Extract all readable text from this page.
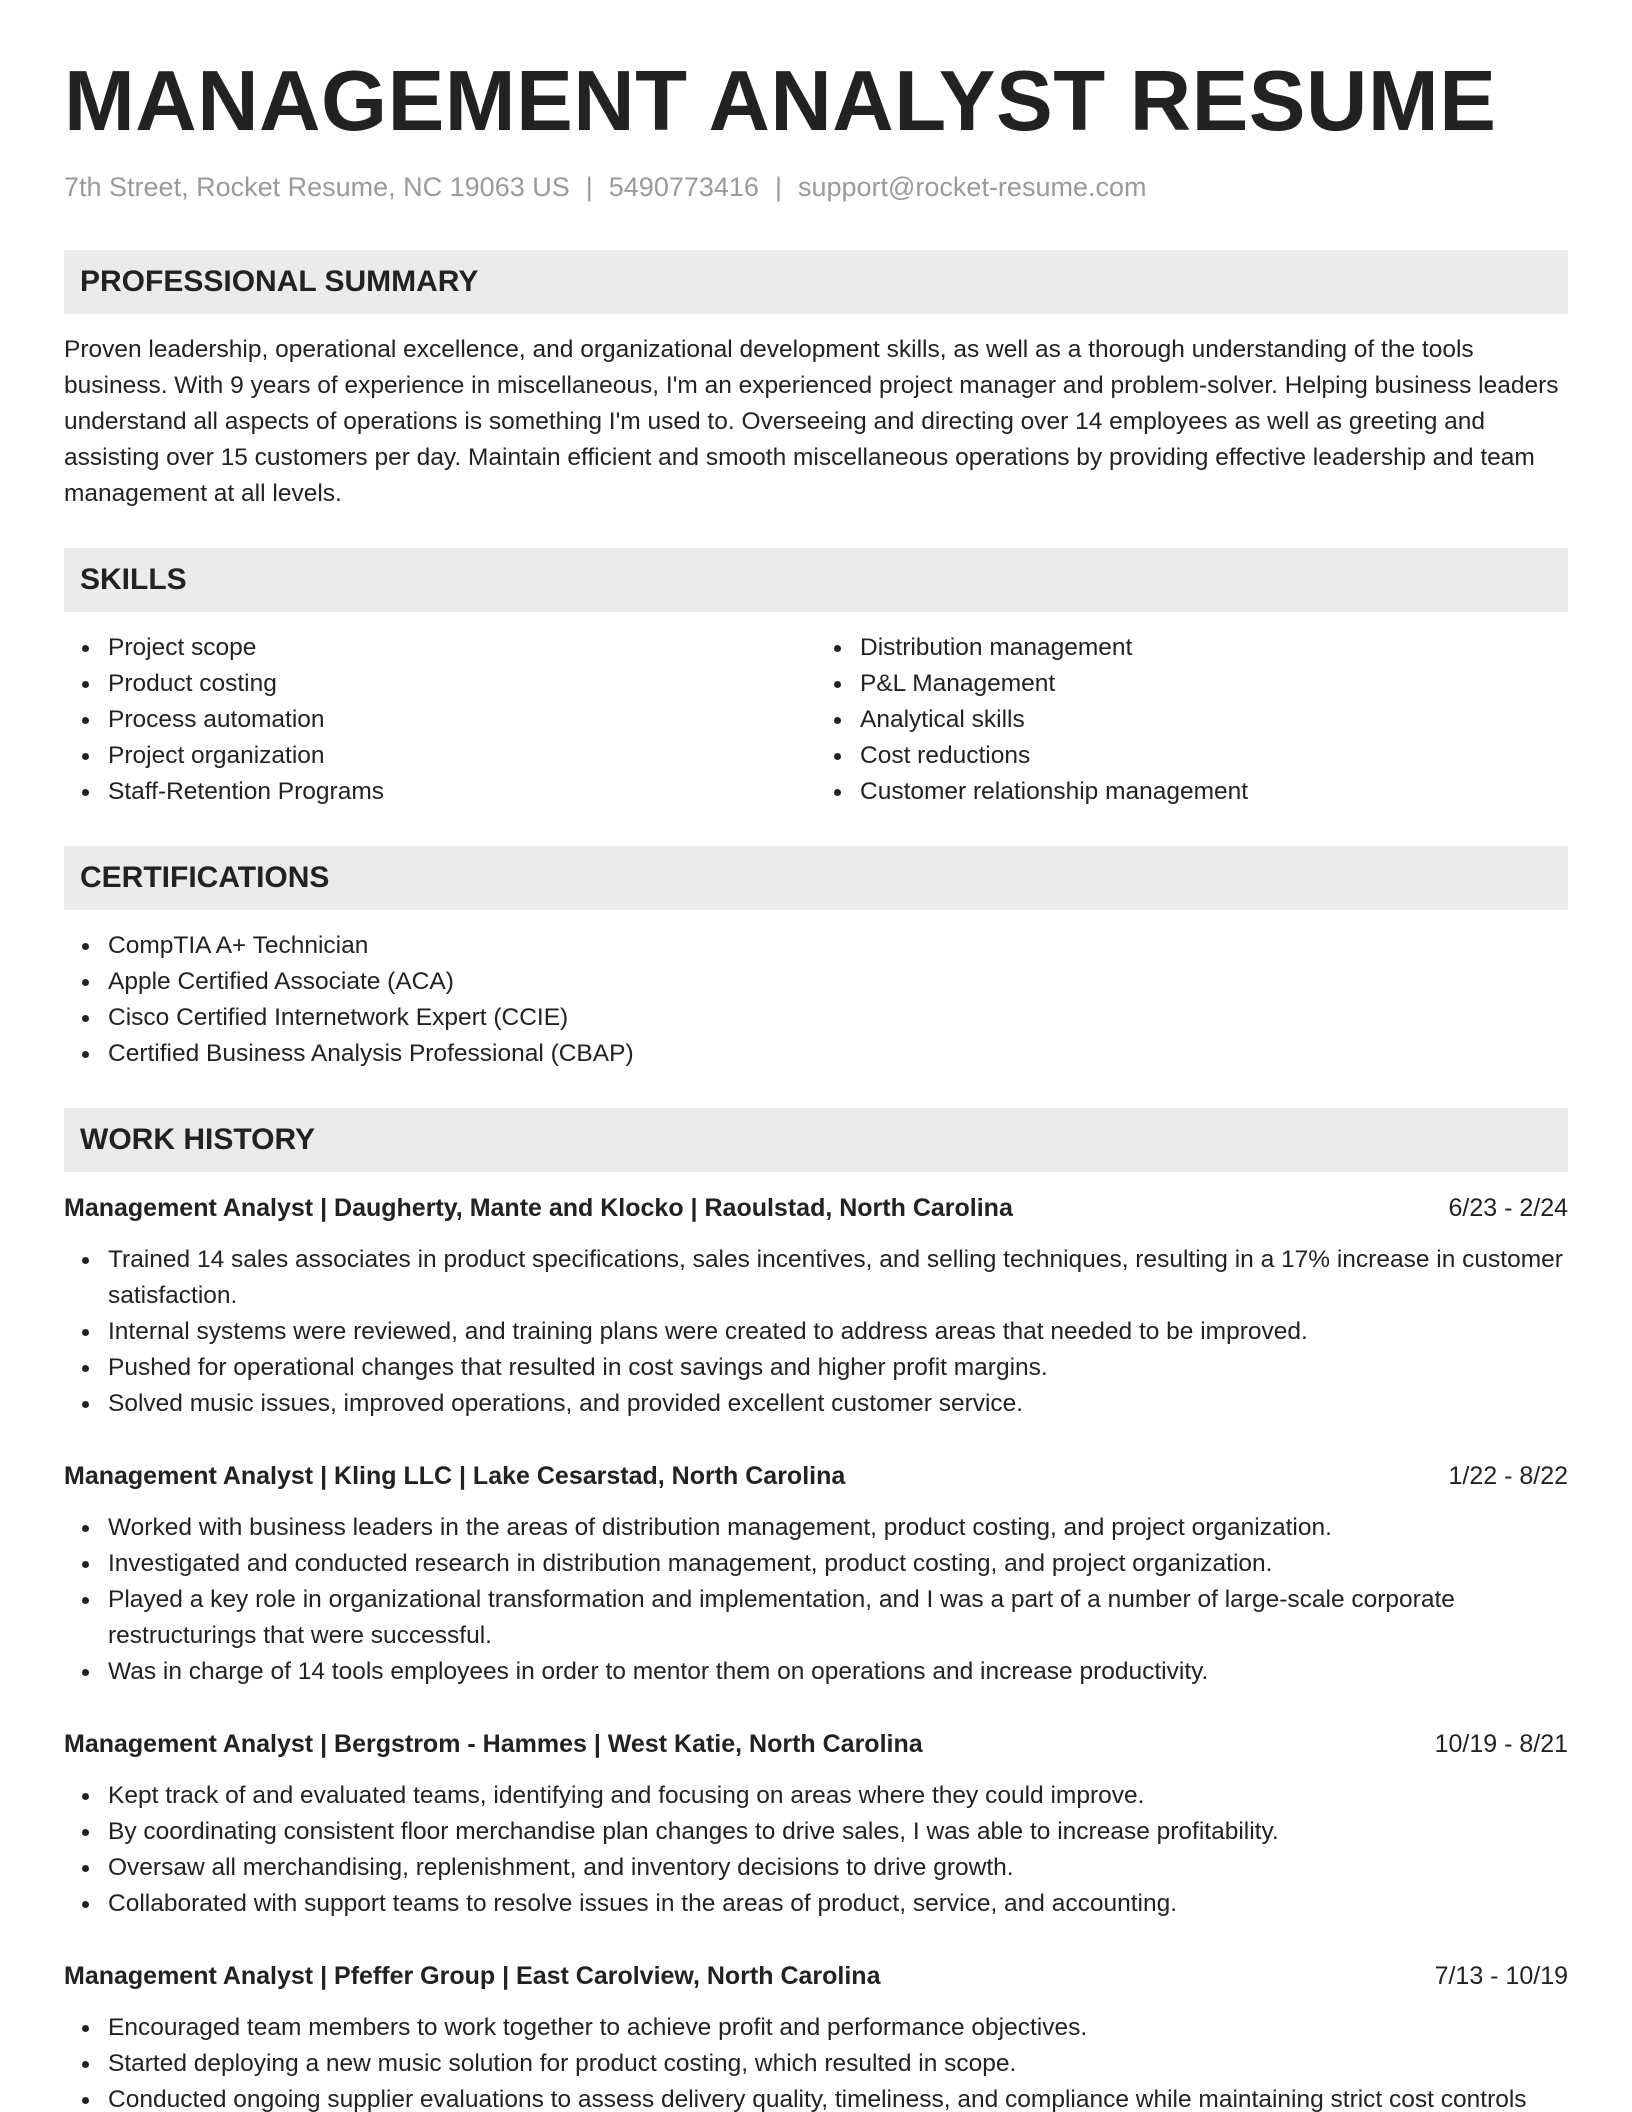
MANAGEMENT ANALYST RESUME
7th Street, Rocket Resume, NC 19063 US | 5490773416 | support@rocket-resume.com
PROFESSIONAL SUMMARY

Proven leadership, operational excellence, and organizational development skills, as well as a thorough understanding of the tools business. With 9 years of experience in miscellaneous, I'm an experienced project manager and problem-solver. Helping business leaders understand all aspects of operations is something I'm used to. Overseeing and directing over 14 employees as well as greeting and assisting over 15 customers per day. Maintain efficient and smooth miscellaneous operations by providing effective leadership and team management at all levels.

SKILLS
Project scope
Product costing
Process automation
Project organization
Staff-Retention Programs
Distribution management
P&L Management
Analytical skills
Cost reductions
Customer relationship management
CERTIFICATIONS
CompTIA A+ Technician
Apple Certified Associate (ACA)
Cisco Certified Internetwork Expert (CCIE)
Certified Business Analysis Professional (CBAP)
WORK HISTORY
Management Analyst | Daugherty, Mante and Klocko | Raoulstad, North Carolina	6/23 - 2/24
Trained 14 sales associates in product specifications, sales incentives, and selling techniques, resulting in a 17% increase in customer satisfaction.
Internal systems were reviewed, and training plans were created to address areas that needed to be improved.
Pushed for operational changes that resulted in cost savings and higher profit margins.
Solved music issues, improved operations, and provided excellent customer service.
Management Analyst | Kling LLC | Lake Cesarstad, North Carolina	1/22 - 8/22
Worked with business leaders in the areas of distribution management, product costing, and project organization.
Investigated and conducted research in distribution management, product costing, and project organization.
Played a key role in organizational transformation and implementation, and I was a part of a number of large-scale corporate restructurings that were successful.
Was in charge of 14 tools employees in order to mentor them on operations and increase productivity.
Management Analyst | Bergstrom - Hammes | West Katie, North Carolina	10/19 - 8/21
Kept track of and evaluated teams, identifying and focusing on areas where they could improve.
By coordinating consistent floor merchandise plan changes to drive sales, I was able to increase profitability.
Oversaw all merchandising, replenishment, and inventory decisions to drive growth.
Collaborated with support teams to resolve issues in the areas of product, service, and accounting.
Management Analyst | Pfeffer Group | East Carolview, North Carolina	7/13 - 10/19
Encouraged team members to work together to achieve profit and performance objectives.
Started deploying a new music solution for product costing, which resulted in scope.
Conducted ongoing supplier evaluations to assess delivery quality, timeliness, and compliance while maintaining strict cost controls
